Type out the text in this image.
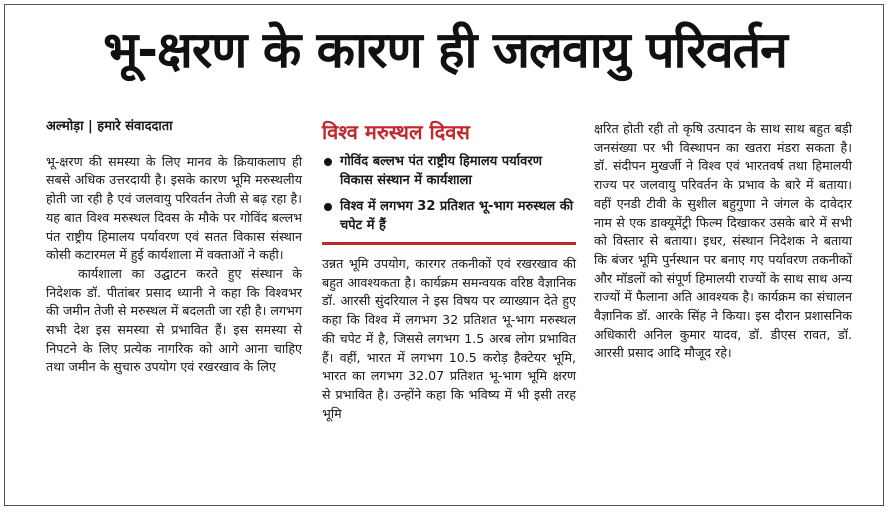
भू-क्षरण के कारण ही जलवायु परिवर्तन
अल्मोड़ा | हमारे संवाददाता

भू-क्षरण की समस्या के लिए मानव के क्रियाकलाप ही सबसे अधिक उत्तरदायी है। इसके कारण भूमि मरुस्थलीय होती जा रही है एवं जलवायु परिवर्तन तेजी से बढ़ रहा है। यह बात विश्व मरुस्थल दिवस के मौके पर गोविंद बल्लभ पंत राष्ट्रीय हिमालय पर्यावरण एवं सतत विकास संस्थान कोसी कटारमल में हुई कार्यशाला में वक्ताओं ने कही।

कार्यशाला का उद्घाटन करते हुए संस्थान के निदेशक डॉ. पीतांबर प्रसाद ध्यानी ने कहा कि विश्वभर की जमीन तेजी से मरुस्थल में बदलती जा रही है। लगभग सभी देश इस समस्या से प्रभावित हैं। इस समस्या से निपटने के लिए प्रत्येक नागरिक को आगे आना चाहिए तथा जमीन के सुचारु उपयोग एवं रखरखाव के लिए

विश्व मरुस्थल दिवस
गोविंद बल्लभ पंत राष्ट्रीय हिमालय पर्यावरण विकास संस्थान में कार्यशाला
विश्व में लगभग 32 प्रतिशत भू-भाग मरुस्थल की चपेट में हैं

उन्नत भूमि उपयोग, कारगर तकनीकों एवं रखरखाव की बहुत आवश्यकता है। कार्यक्रम समन्वयक वरिष्ठ वैज्ञानिक डॉ. आरसी सुंदरियाल ने इस विषय पर व्याख्यान देते हुए कहा कि विश्व में लगभग 32 प्रतिशत भू-भाग मरुस्थल की चपेट में है, जिससे लगभग 1.5 अरब लोग प्रभावित हैं। वहीं, भारत में लगभग 10.5 करोड़ हैक्टेयर भूमि, भारत का लगभग 32.07 प्रतिशत भू-भाग भूमि क्षरण से प्रभावित है। उन्होंने कहा कि भविष्य में भी इसी तरह भूमि

क्षरित होती रही तो कृषि उत्पादन के साथ साथ बहुत बड़ी जनसंख्या पर भी विस्थापन का खतरा मंडरा सकता है। डॉ. संदीपन मुखर्जी ने विश्व एवं भारतवर्ष तथा हिमालयी राज्य पर जलवायु परिवर्तन के प्रभाव के बारे में बताया। वहीं एनडी टीवी के सुशील बहुगुणा ने जंगल के दावेदार नाम से एक डाक्यूमेंट्री फिल्म दिखाकर उसके बारे में सभी को विस्तार से बताया। इधर, संस्थान निदेशक ने बताया कि बंजर भूमि पुर्नस्थान पर बनाए गए पर्यावरण तकनीकों और मॉडलों को संपूर्ण हिमालयी राज्यों के साथ साथ अन्य राज्यों में फैलाना अति आवश्यक है। कार्यक्रम का संचालन वैज्ञानिक डॉ. आरके सिंह ने किया। इस दौरान प्रशासनिक अधिकारी अनिल कुमार यादव, डॉ. डीएस रावत, डॉ. आरसी प्रसाद आदि मौजूद रहे।
